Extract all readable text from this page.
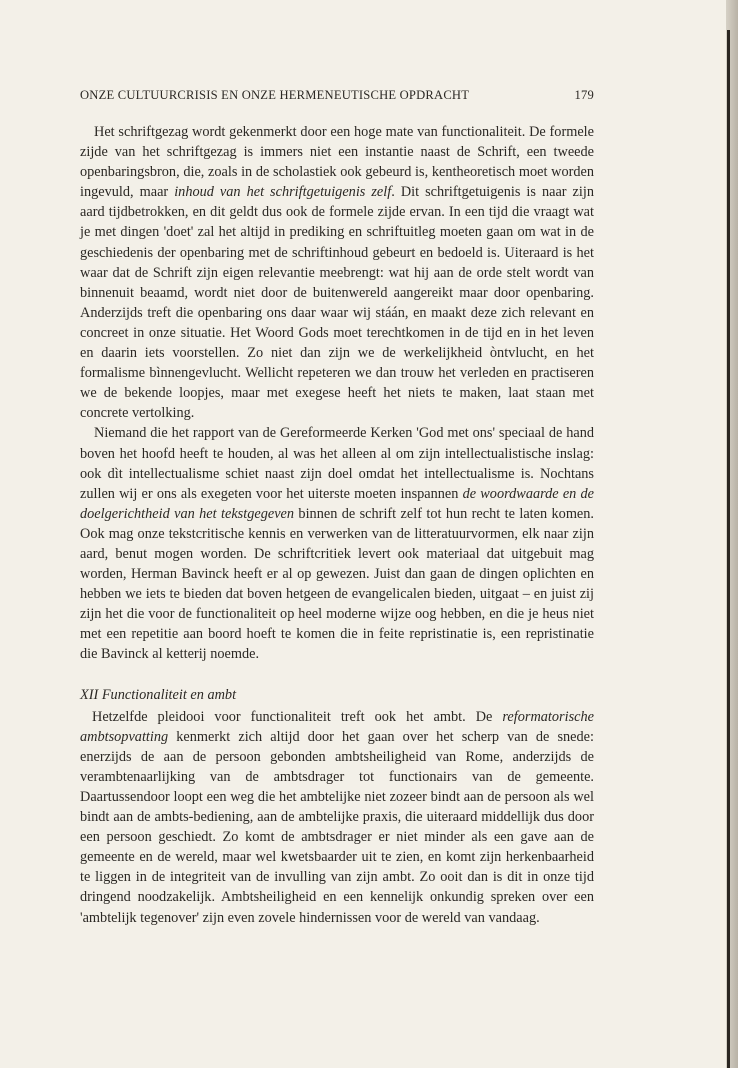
ONZE CULTUURCRISIS EN ONZE HERMENEUTISCHE OPDRACHT	179

Het schriftgezag wordt gekenmerkt door een hoge mate van functionaliteit. De formele zijde van het schriftgezag is immers niet een instantie naast de Schrift, een tweede openbaringsbron, die, zoals in de scholastiek ook gebeurd is, kentheoretisch moet worden ingevuld, maar inhoud van het schriftgetuigenis zelf. Dit schriftgetuigenis is naar zijn aard tijdbetrokken, en dit geldt dus ook de formele zijde ervan. In een tijd die vraagt wat je met dingen 'doet' zal het altijd in prediking en schriftuitleg moeten gaan om wat in de geschiedenis der openbaring met de schriftinhoud gebeurt en bedoeld is. Uiteraard is het waar dat de Schrift zijn eigen relevantie meebrengt: wat hij aan de orde stelt wordt van binnenuit beaamd, wordt niet door de buitenwereld aangereikt maar door openbaring. Anderzijds treft die openbaring ons daar waar wij stáán, en maakt deze zich relevant en concreet in onze situatie. Het Woord Gods moet terechtkomen in de tijd en in het leven en daarin iets voorstellen. Zo niet dan zijn we de werkelijkheid òntvlucht, en het formalisme bìnnengevlucht. Wellicht repeteren we dan trouw het verleden en practiseren we de bekende loopjes, maar met exegese heeft het niets te maken, laat staan met concrete vertolking.

Niemand die het rapport van de Gereformeerde Kerken 'God met ons' speciaal de hand boven het hoofd heeft te houden, al was het alleen al om zijn intellectualistische inslag: ook dìt intellectualisme schiet naast zijn doel omdat het intellectualisme is. Nochtans zullen wij er ons als exegeten voor het uiterste moeten inspannen de woordwaarde en de doelgerichtheid van het tekstgegeven binnen de schrift zelf tot hun recht te laten komen. Ook mag onze tekstcritische kennis en verwerken van de litteratuurvormen, elk naar zijn aard, benut mogen worden. De schriftcritiek levert ook materiaal dat uitgebuit mag worden, Herman Bavinck heeft er al op gewezen. Juist dan gaan de dingen oplichten en hebben we iets te bieden dat boven hetgeen de evangelicalen bieden, uitgaat – en juist zij zijn het die voor de functionaliteit op heel moderne wijze oog hebben, en die je heus niet met een repetitie aan boord hoeft te komen die in feite repristinatie is, een repristinatie die Bavinck al ketterij noemde.

XII Functionaliteit en ambt

Hetzelfde pleidooi voor functionaliteit treft ook het ambt. De reformatorische ambtsopvatting kenmerkt zich altijd door het gaan over het scherp van de snede: enerzijds de aan de persoon gebonden ambtsheiligheid van Rome, anderzijds de verambtenaarlijking van de ambtsdrager tot functionairs van de gemeente. Daartussendoor loopt een weg die het ambtelijke niet zozeer bindt aan de persoon als wel bindt aan de ambts-bediening, aan de ambtelijke praxis, die uiteraard middellijk dus door een persoon geschiedt. Zo komt de ambtsdrager er niet minder als een gave aan de gemeente en de wereld, maar wel kwetsbaarder uit te zien, en komt zijn herkenbaarheid te liggen in de integriteit van de invulling van zijn ambt. Zo ooit dan is dit in onze tijd dringend noodzakelijk. Ambtsheiligheid en een kennelijk onkundig spreken over een 'ambtelijk tegenover' zijn even zovele hindernissen voor de wereld van vandaag.
